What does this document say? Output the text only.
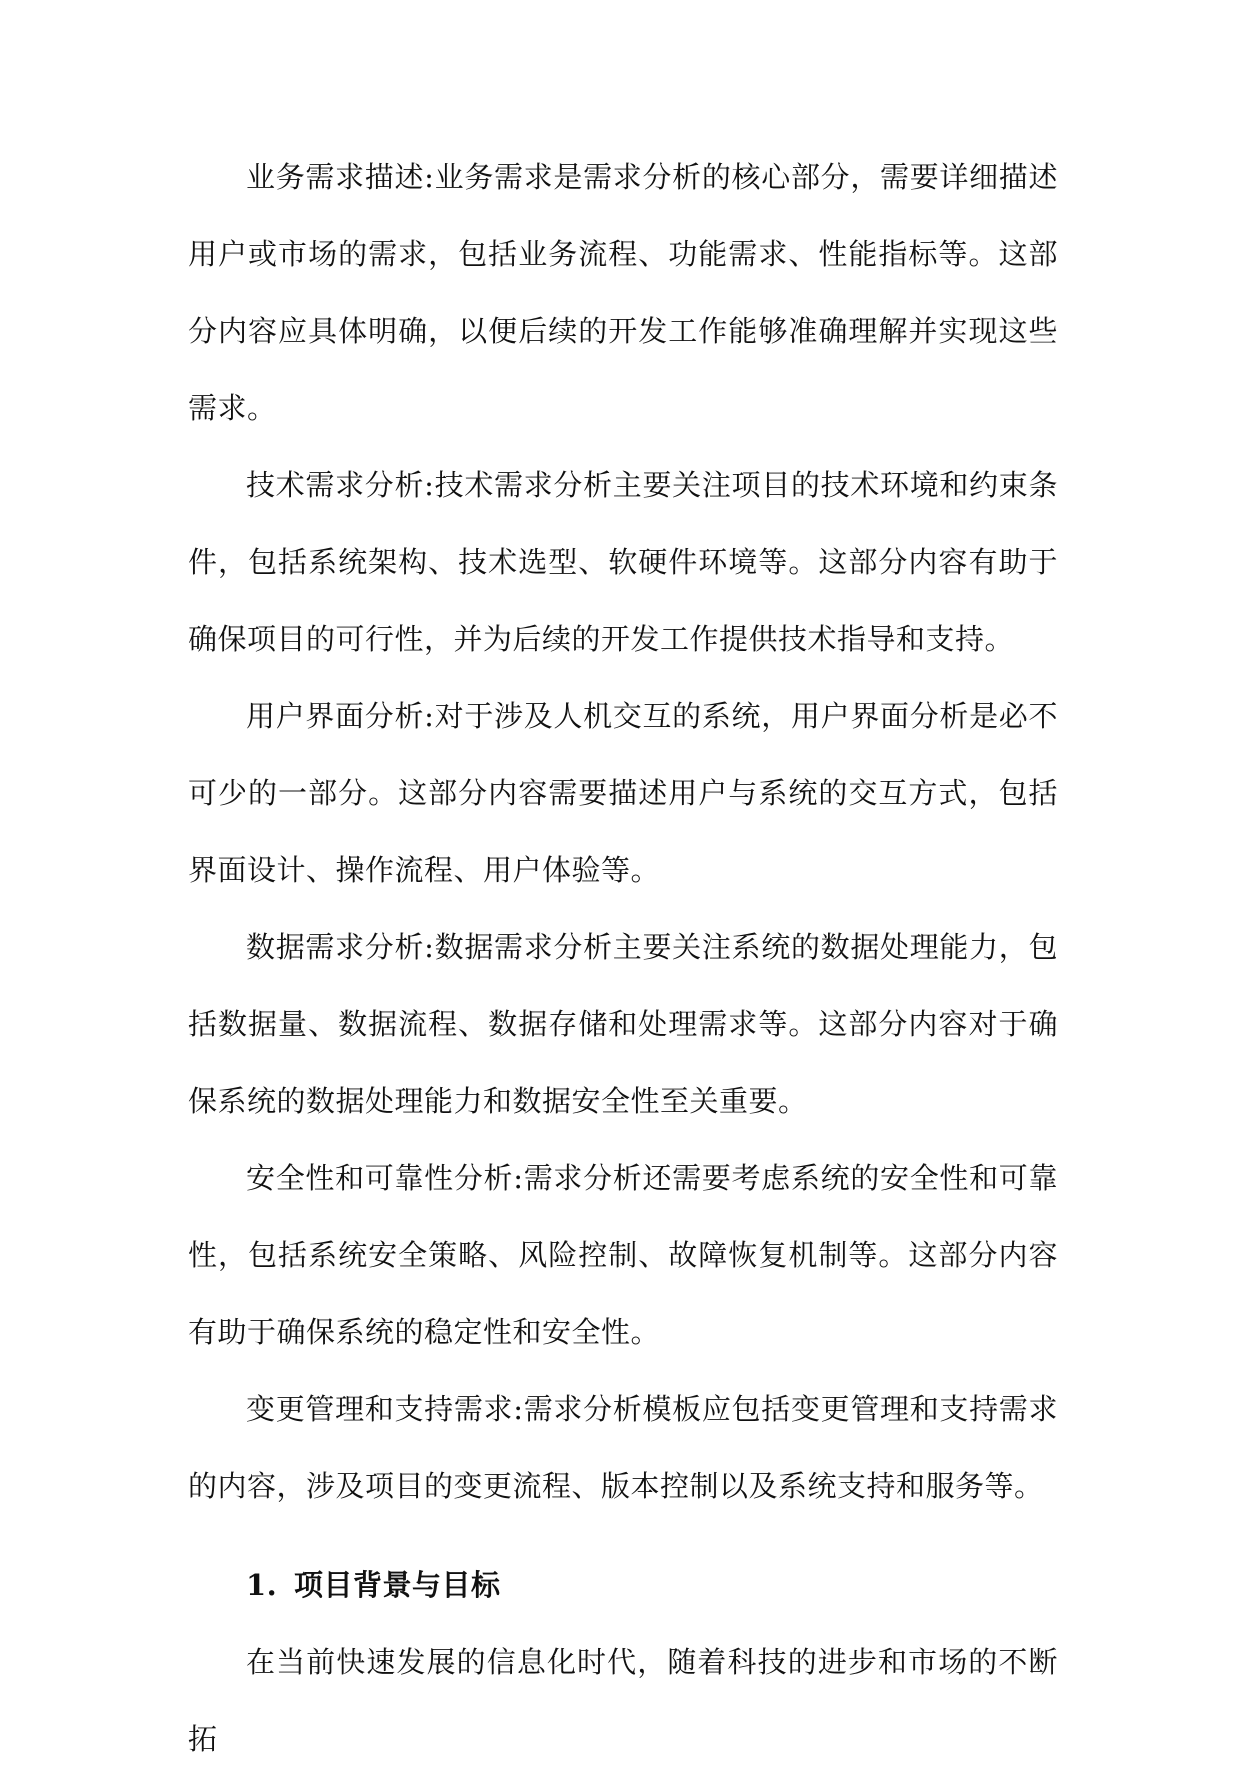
业务需求描述:业务需求是需求分析的核心部分，需要详细描述用户或市场的需求，包括业务流程、功能需求、性能指标等。这部分内容应具体明确，以便后续的开发工作能够准确理解并实现这些需求。

技术需求分析:技术需求分析主要关注项目的技术环境和约束条件，包括系统架构、技术选型、软硬件环境等。这部分内容有助于确保项目的可行性，并为后续的开发工作提供技术指导和支持。

用户界面分析:对于涉及人机交互的系统，用户界面分析是必不可少的一部分。这部分内容需要描述用户与系统的交互方式，包括界面设计、操作流程、用户体验等。

数据需求分析:数据需求分析主要关注系统的数据处理能力，包括数据量、数据流程、数据存储和处理需求等。这部分内容对于确保系统的数据处理能力和数据安全性至关重要。

安全性和可靠性分析:需求分析还需要考虑系统的安全性和可靠性，包括系统安全策略、风险控制、故障恢复机制等。这部分内容有助于确保系统的稳定性和安全性。

变更管理和支持需求:需求分析模板应包括变更管理和支持需求的内容，涉及项目的变更流程、版本控制以及系统支持和服务等。

1. 项目背景与目标

在当前快速发展的信息化时代，随着科技的进步和市场的不断拓
